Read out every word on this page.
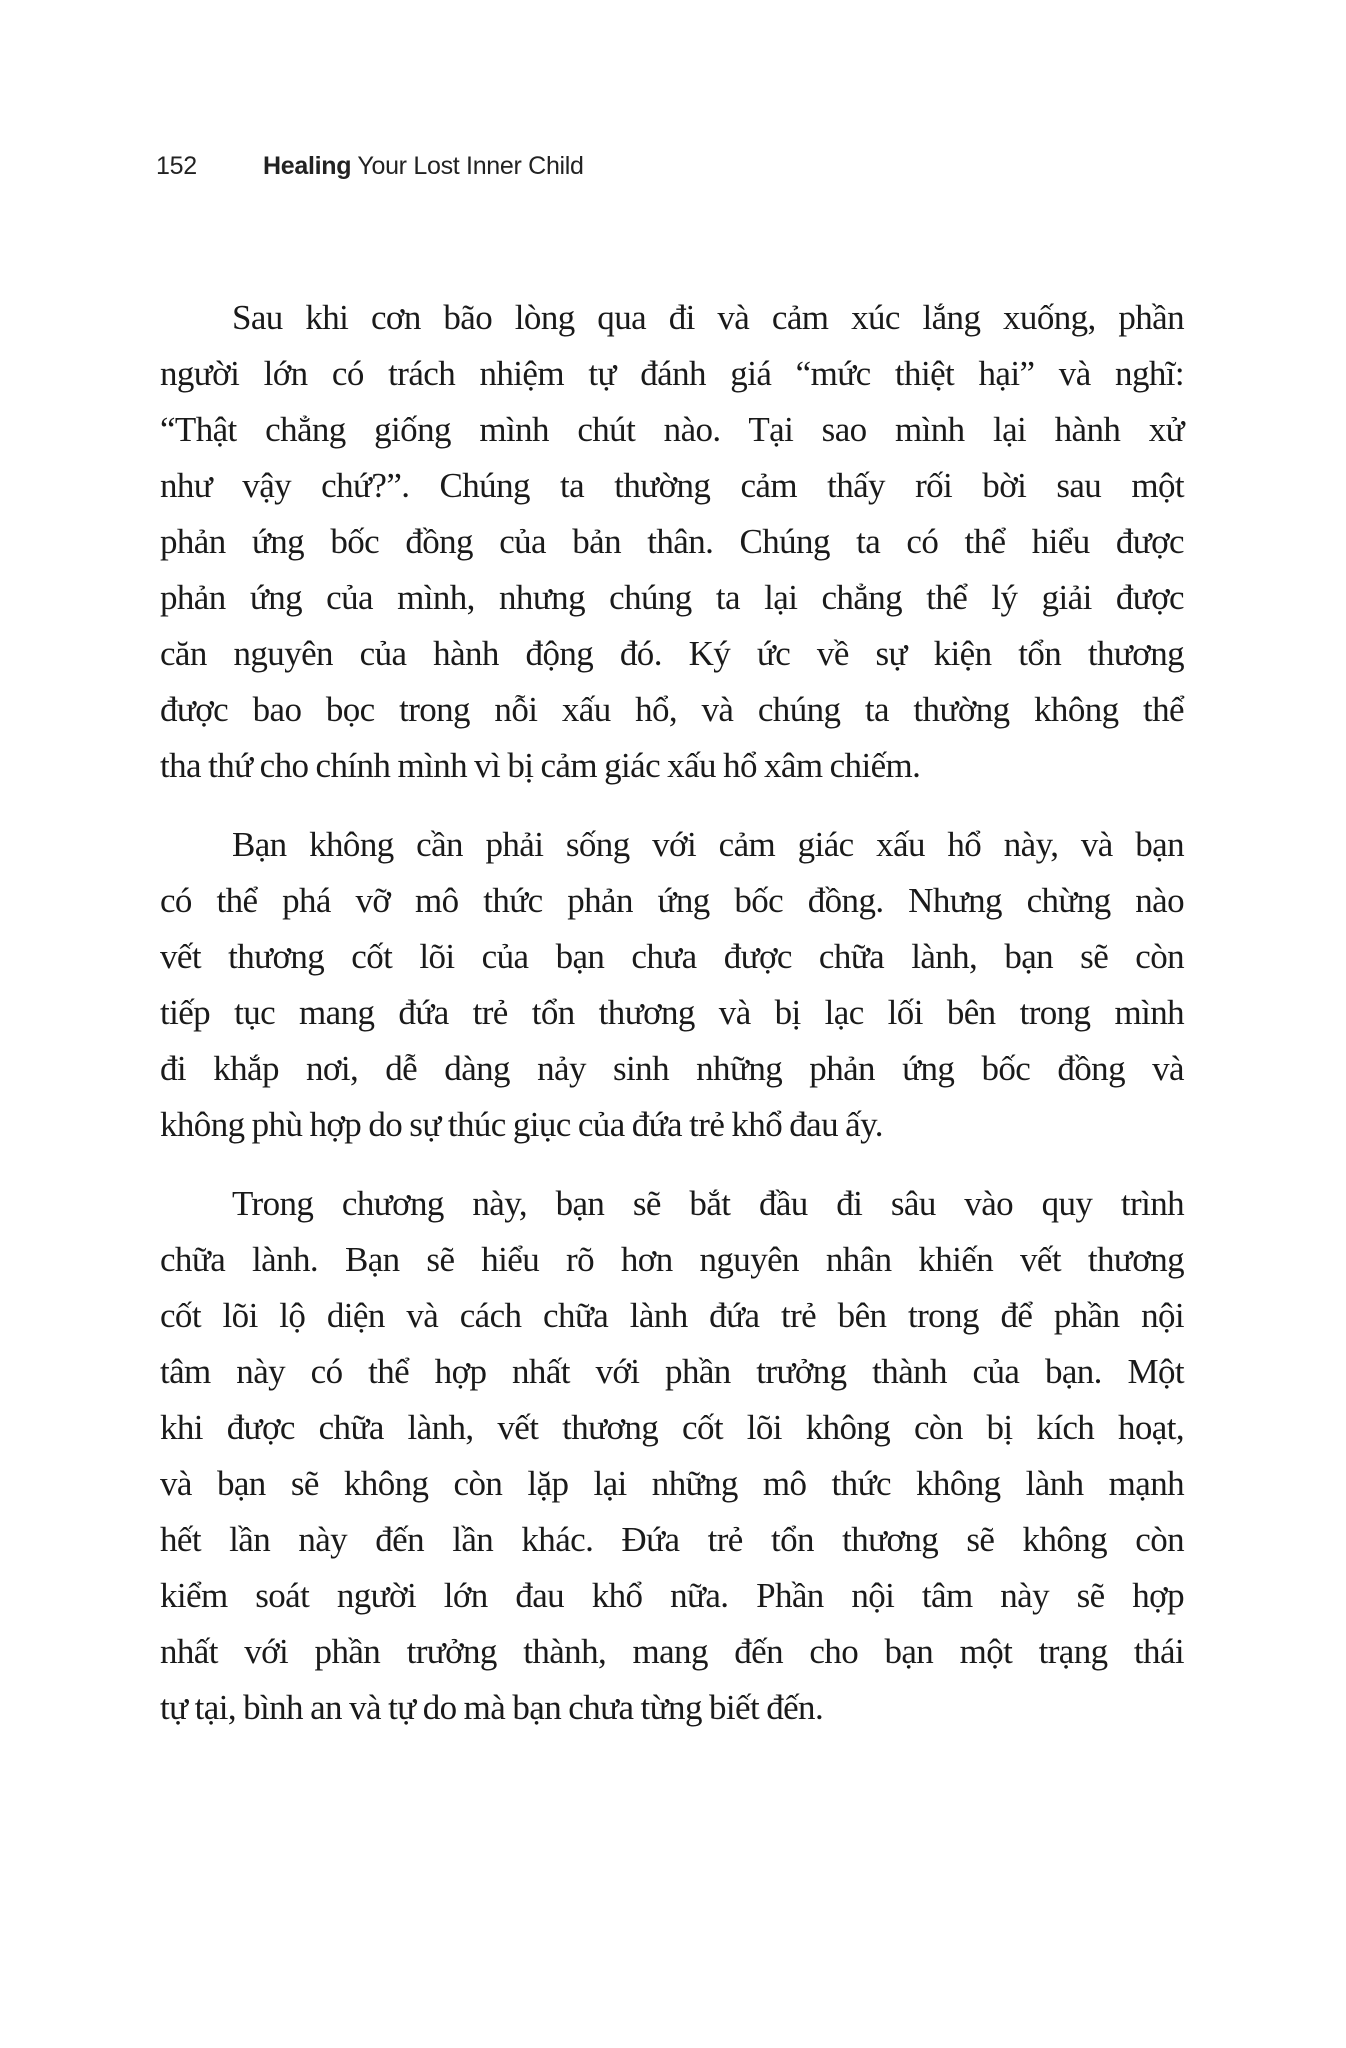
152	Healing Your Lost Inner Child

Sau khi cơn bão lòng qua đi và cảm xúc lắng xuống, phần
người lớn có trách nhiệm tự đánh giá “mức thiệt hại” và nghĩ:
“Thật chẳng giống mình chút nào. Tại sao mình lại hành xử
như vậy chứ?”. Chúng ta thường cảm thấy rối bời sau một
phản ứng bốc đồng của bản thân. Chúng ta có thể hiểu được
phản ứng của mình, nhưng chúng ta lại chẳng thể lý giải được
căn nguyên của hành động đó. Ký ức về sự kiện tổn thương
được bao bọc trong nỗi xấu hổ, và chúng ta thường không thể
tha thứ cho chính mình vì bị cảm giác xấu hổ xâm chiếm.

Bạn không cần phải sống với cảm giác xấu hổ này, và bạn
có thể phá vỡ mô thức phản ứng bốc đồng. Nhưng chừng nào
vết thương cốt lõi của bạn chưa được chữa lành, bạn sẽ còn
tiếp tục mang đứa trẻ tổn thương và bị lạc lối bên trong mình
đi khắp nơi, dễ dàng nảy sinh những phản ứng bốc đồng và
không phù hợp do sự thúc giục của đứa trẻ khổ đau ấy.

Trong chương này, bạn sẽ bắt đầu đi sâu vào quy trình
chữa lành. Bạn sẽ hiểu rõ hơn nguyên nhân khiến vết thương
cốt lõi lộ diện và cách chữa lành đứa trẻ bên trong để phần nội
tâm này có thể hợp nhất với phần trưởng thành của bạn. Một
khi được chữa lành, vết thương cốt lõi không còn bị kích hoạt,
và bạn sẽ không còn lặp lại những mô thức không lành mạnh
hết lần này đến lần khác. Đứa trẻ tổn thương sẽ không còn
kiểm soát người lớn đau khổ nữa. Phần nội tâm này sẽ hợp
nhất với phần trưởng thành, mang đến cho bạn một trạng thái
tự tại, bình an và tự do mà bạn chưa từng biết đến.
